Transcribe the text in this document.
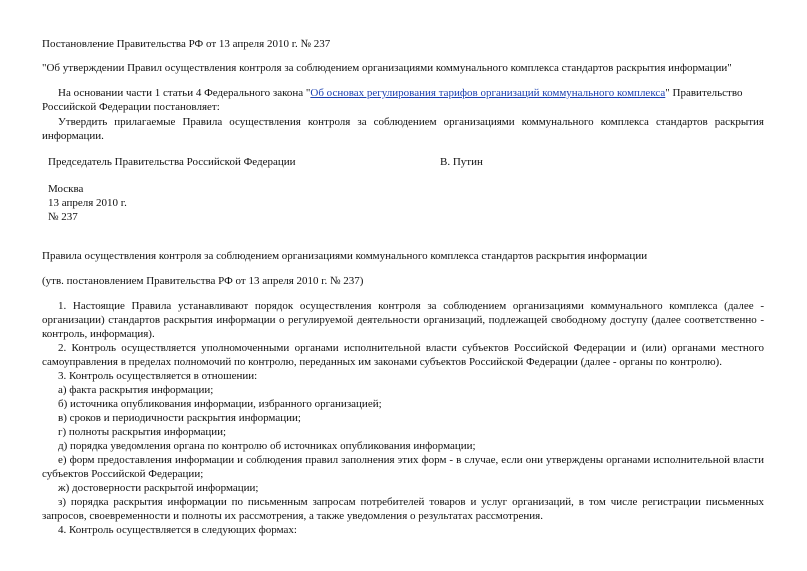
Постановление Правительства РФ от 13 апреля 2010 г. № 237
"Об утверждении Правил осуществления контроля за соблюдением организациями коммунального комплекса стандартов раскрытия информации"
На основании части 1 статьи 4 Федерального закона "Об основах регулирования тарифов организаций коммунального комплекса" Правительство
Российской Федерации постановляет:
Утвердить прилагаемые Правила осуществления контроля за соблюдением организациями коммунального комплекса стандартов раскрытия
информации.
Председатель Правительства Российской Федерации	В. Путин
Москва
13 апреля 2010 г.
№ 237
Правила осуществления контроля за соблюдением организациями коммунального комплекса стандартов раскрытия информации
(утв. постановлением Правительства РФ от 13 апреля 2010 г. № 237)
1. Настоящие Правила устанавливают порядок осуществления контроля за соблюдением организациями коммунального комплекса (далее -
организации) стандартов раскрытия информации о регулируемой деятельности организаций, подлежащей свободному доступу (далее соответственно -
контроль, информация).
2. Контроль осуществляется уполномоченными органами исполнительной власти субъектов Российской Федерации и (или) органами местного
самоуправления в пределах полномочий по контролю, переданных им законами субъектов Российской Федерации (далее - органы по контролю).
3. Контроль осуществляется в отношении:
а) факта раскрытия информации;
б) источника опубликования информации, избранного организацией;
в) сроков и периодичности раскрытия информации;
г) полноты раскрытия информации;
д) порядка уведомления органа по контролю об источниках опубликования информации;
е) форм предоставления информации и соблюдения правил заполнения этих форм - в случае, если они утверждены органами исполнительной власти
субъектов Российской Федерации;
ж) достоверности раскрытой информации;
з) порядка раскрытия информации по письменным запросам потребителей товаров и услуг организаций, в том числе регистрации письменных
запросов, своевременности и полноты их рассмотрения, а также уведомления о результатах рассмотрения.
4. Контроль осуществляется в следующих формах:
